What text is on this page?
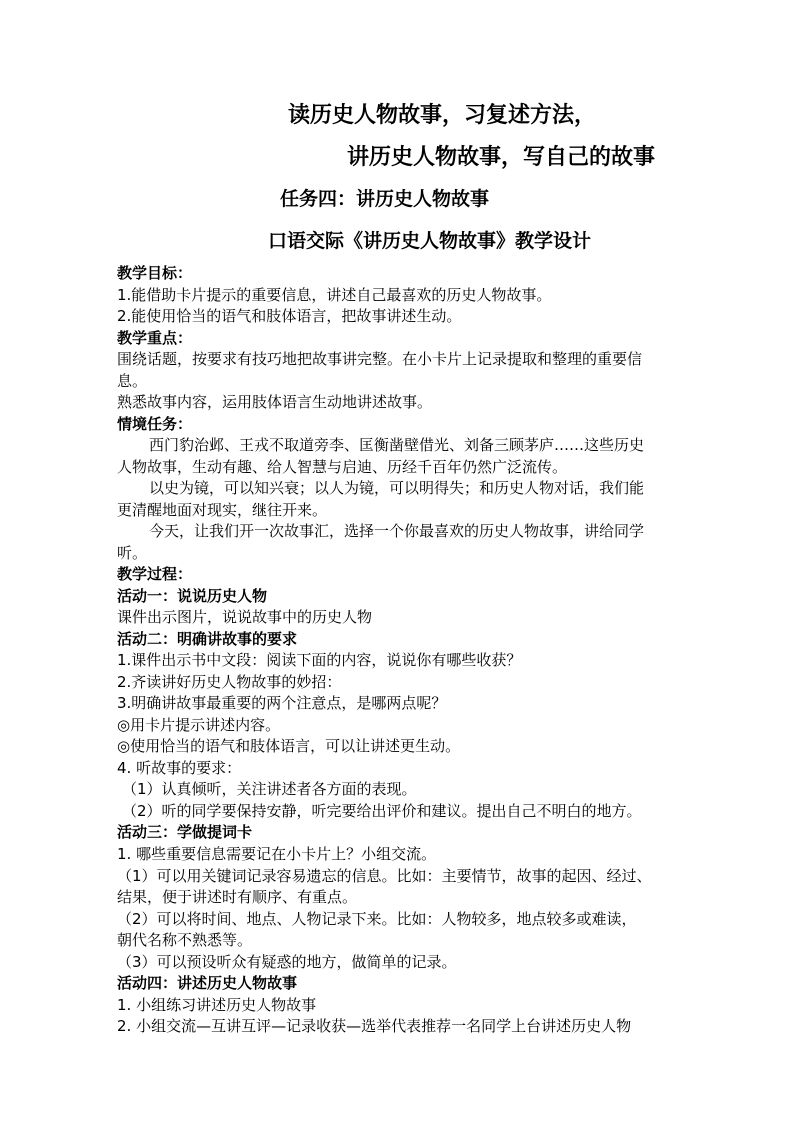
读历史人物故事，习复述方法，
讲历史人物故事，写自己的故事
任务四：讲历史人物故事
口语交际《讲历史人物故事》教学设计
教学目标：
1.能借助卡片提示的重要信息，讲述自己最喜欢的历史人物故事。
2.能使用恰当的语气和肢体语言，把故事讲述生动。
教学重点：
围绕话题，按要求有技巧地把故事讲完整。在小卡片上记录提取和整理的重要信
息。
熟悉故事内容，运用肢体语言生动地讲述故事。
情境任务：
西门豹治邺、王戎不取道旁李、匡衡凿壁借光、刘备三顾茅庐……这些历史
人物故事，生动有趣、给人智慧与启迪、历经千百年仍然广泛流传。
以史为镜，可以知兴衰；以人为镜，可以明得失；和历史人物对话，我们能
更清醒地面对现实，继往开来。
今天，让我们开一次故事汇，选择一个你最喜欢的历史人物故事，讲给同学
听。
教学过程：
活动一：说说历史人物
课件出示图片，说说故事中的历史人物
活动二：明确讲故事的要求
1.课件出示书中文段：阅读下面的内容，说说你有哪些收获？
2.齐读讲好历史人物故事的妙招：
3.明确讲故事最重要的两个注意点，是哪两点呢？
◎用卡片提示讲述内容。
◎使用恰当的语气和肢体语言，可以让讲述更生动。
4. 听故事的要求：
（1）认真倾听，关注讲述者各方面的表现。
（2）听的同学要保持安静，听完要给出评价和建议。提出自己不明白的地方。
活动三：学做提词卡
1. 哪些重要信息需要记在小卡片上？小组交流。
（1）可以用关键词记录容易遗忘的信息。比如：主要情节，故事的起因、经过、
结果，便于讲述时有顺序、有重点。
（2）可以将时间、地点、人物记录下来。比如：人物较多，地点较多或难读，
朝代名称不熟悉等。
（3）可以预设听众有疑惑的地方，做简单的记录。
活动四：讲述历史人物故事
1. 小组练习讲述历史人物故事
2. 小组交流—互讲互评—记录收获—选举代表推荐一名同学上台讲述历史人物
